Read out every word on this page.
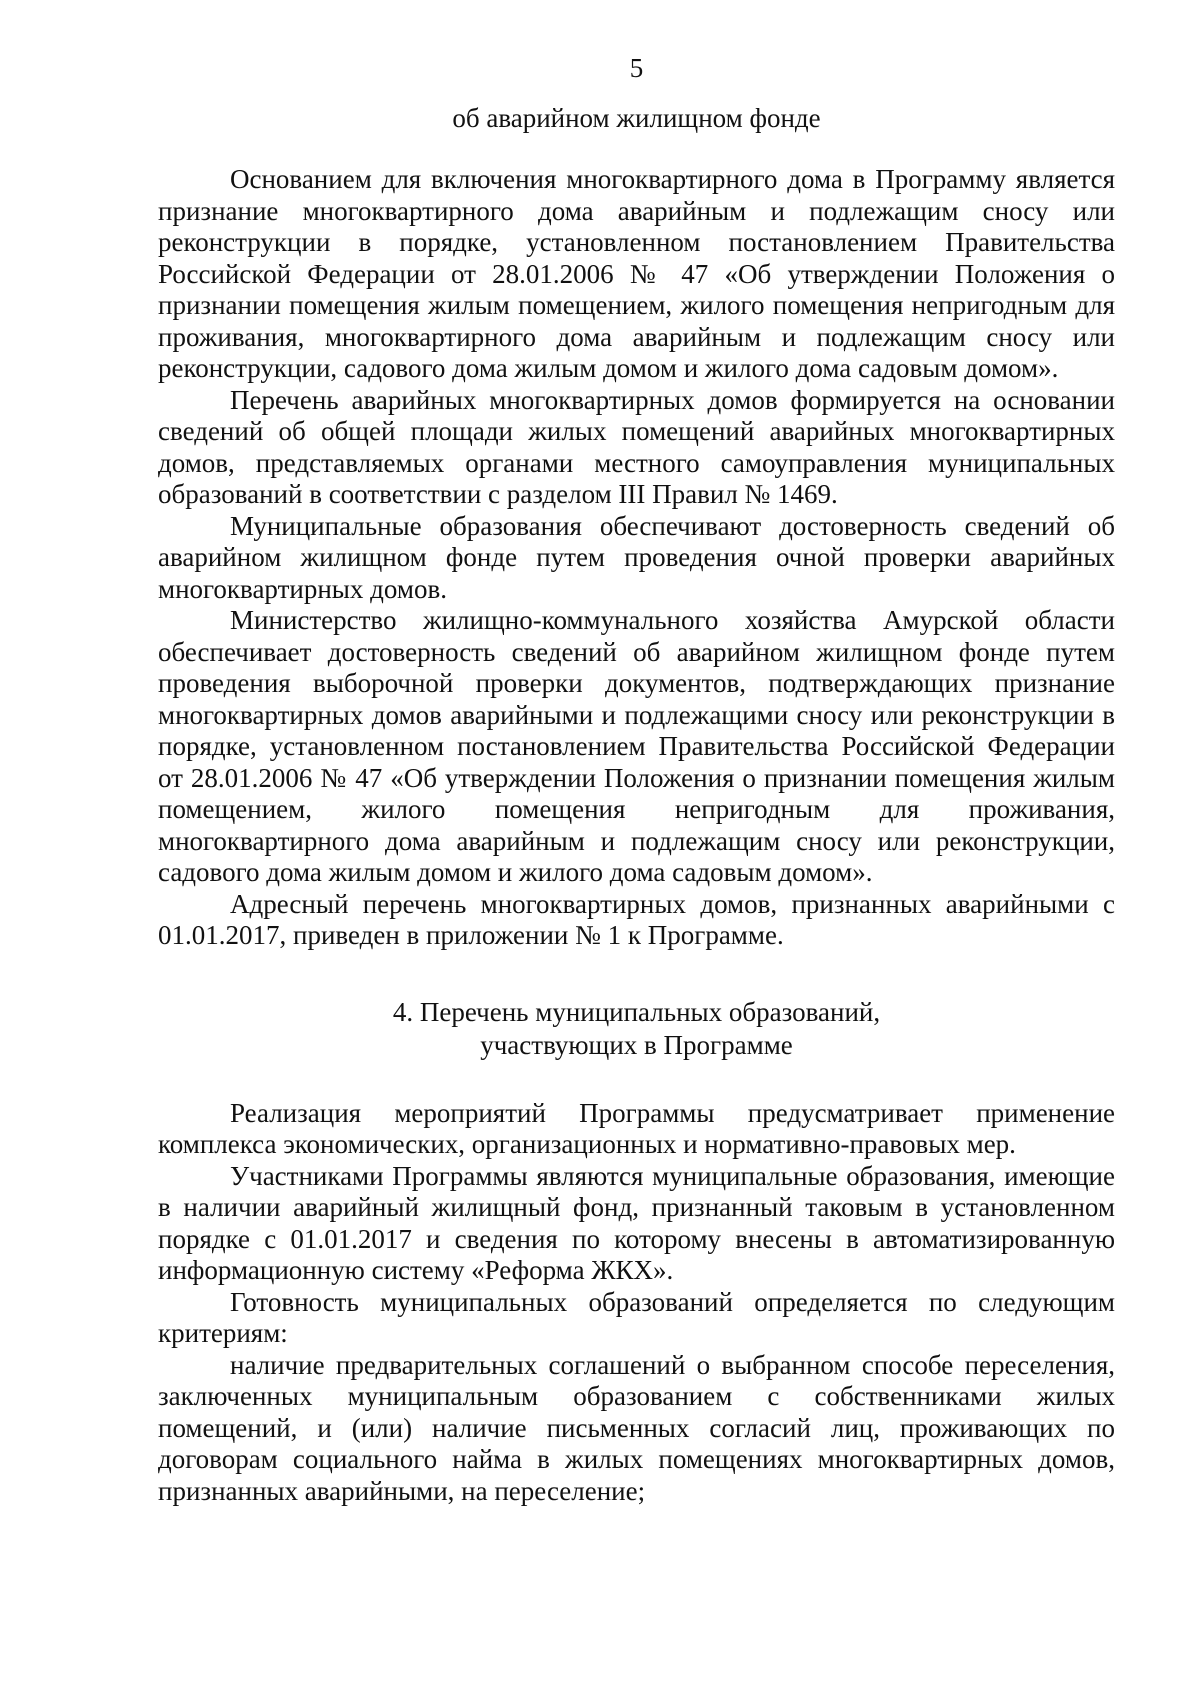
5
об аварийном жилищном фонде

Основанием для включения многоквартирного дома в Программу является признание многоквартирного дома аварийным и подлежащим сносу или реконструкции в порядке, установленном постановлением Правительства Российской Федерации от 28.01.2006 № 47 «Об утверждении Положения о признании помещения жилым помещением, жилого помещения непригодным для проживания, многоквартирного дома аварийным и подлежащим сносу или реконструкции, садового дома жилым домом и жилого дома садовым домом».

Перечень аварийных многоквартирных домов формируется на основании сведений об общей площади жилых помещений аварийных многоквартирных домов, представляемых органами местного самоуправления муниципальных образований в соответствии с разделом III Правил № 1469.

Муниципальные образования обеспечивают достоверность сведений об аварийном жилищном фонде путем проведения очной проверки аварийных многоквартирных домов.

Министерство жилищно-коммунального хозяйства Амурской области обеспечивает достоверность сведений об аварийном жилищном фонде путем проведения выборочной проверки документов, подтверждающих признание многоквартирных домов аварийными и подлежащими сносу или реконструкции в порядке, установленном постановлением Правительства Российской Федерации от 28.01.2006 № 47 «Об утверждении Положения о признании помещения жилым помещением, жилого помещения непригодным для проживания, многоквартирного дома аварийным и подлежащим сносу или реконструкции, садового дома жилым домом и жилого дома садовым домом».

Адресный перечень многоквартирных домов, признанных аварийными с 01.01.2017, приведен в приложении № 1 к Программе.

4. Перечень муниципальных образований,
участвующих в Программе

Реализация мероприятий Программы предусматривает применение комплекса экономических, организационных и нормативно-правовых мер.

Участниками Программы являются муниципальные образования, имеющие в наличии аварийный жилищный фонд, признанный таковым в установленном порядке с 01.01.2017 и сведения по которому внесены в автоматизированную информационную систему «Реформа ЖКХ».

Готовность муниципальных образований определяется по следующим критериям:

наличие предварительных соглашений о выбранном способе переселения, заключенных муниципальным образованием с собственниками жилых помещений, и (или) наличие письменных согласий лиц, проживающих по договорам социального найма в жилых помещениях многоквартирных домов, признанных аварийными, на переселение;
